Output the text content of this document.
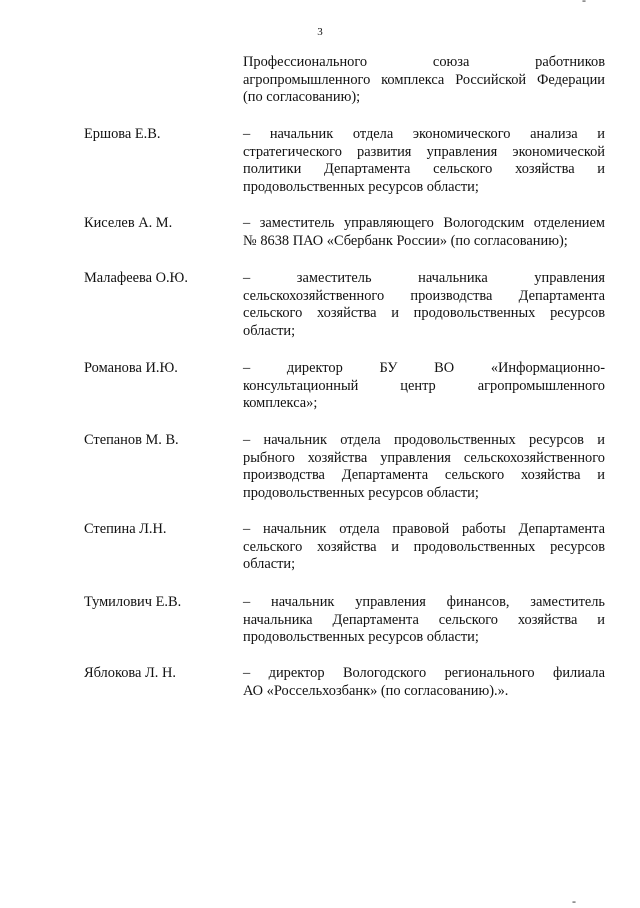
-
3

Профессионального союза работников
агропромышленного комплекса Российской Федерации
(по согласованию);

Ершова Е.В.	– начальник отдела экономического анализа и
стратегического развития управления экономической
политики Департамента сельского хозяйства и
продовольственных ресурсов области;

Киселев А. М.	– заместитель управляющего Вологодским отделением
№ 8638 ПАО «Сбербанк России» (по согласованию);

Малафеева О.Ю.	– заместитель начальника управления
сельскохозяйственного производства Департамента
сельского хозяйства и продовольственных ресурсов
области;

Романова И.Ю.	– директор БУ ВО «Информационно-
консультационный центр агропромышленного
комплекса»;

Степанов М. В.	– начальник отдела продовольственных ресурсов и
рыбного хозяйства управления сельскохозяйственного
производства Департамента сельского хозяйства и
продовольственных ресурсов области;

Степина Л.Н.	– начальник отдела правовой работы Департамента
сельского хозяйства и продовольственных ресурсов
области;

Тумилович Е.В.	– начальник управления финансов, заместитель
начальника Департамента сельского хозяйства и
продовольственных ресурсов области;

Яблокова Л. Н.	– директор Вологодского регионального филиала
АО «Россельхозбанк» (по согласованию).».

-
